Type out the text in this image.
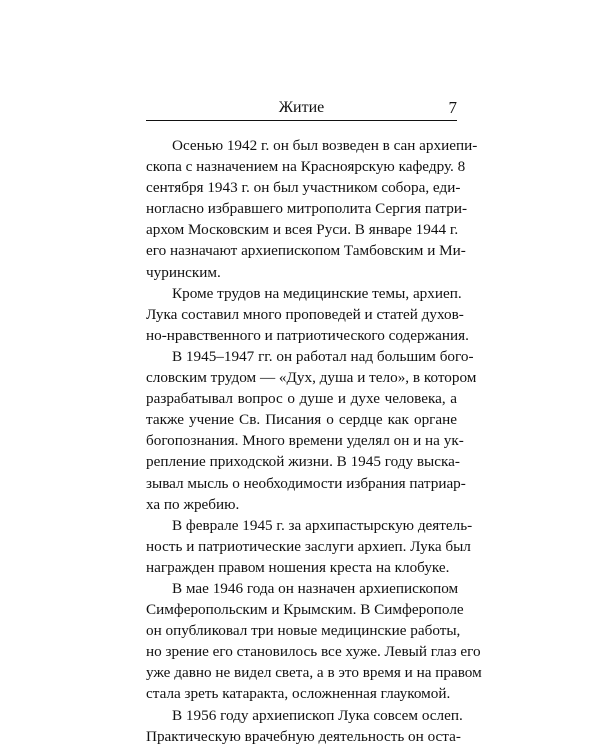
Житие	7
Осенью 1942 г. он был возведен в сан архиепи-
скопа с назначением на Красноярскую кафедру. 8
сентября 1943 г. он был участником собора, еди-
ногласно избравшего митрополита Сергия патри-
архом Московским и всея Руси. В январе 1944 г.
его назначают архиепископом Тамбовским и Ми-
чуринским.
Кроме трудов на медицинские темы, архиеп.
Лука составил много проповедей и статей духов-
но-нравственного и патриотического содержания.
В 1945–1947 гг. он работал над большим бого-
словским трудом — «Дух, душа и тело», в котором
разрабатывал вопрос о душе и духе человека, а
также учение Св. Писания о сердце как органе
богопознания. Много времени уделял он и на ук-
репление приходской жизни. В 1945 году выска-
зывал мысль о необходимости избрания патриар-
ха по жребию.
В феврале 1945 г. за архипастырскую деятель-
ность и патриотические заслуги архиеп. Лука был
награжден правом ношения креста на клобуке.
В мае 1946 года он назначен архиепископом
Симферопольским и Крымским. В Симферополе
он опубликовал три новые медицинские работы,
но зрение его становилось все хуже. Левый глаз его
уже давно не видел света, а в это время и на правом
стала зреть катаракта, осложненная глаукомой.
В 1956 году архиепископ Лука совсем ослеп.
Практическую врачебную деятельность он оста-
